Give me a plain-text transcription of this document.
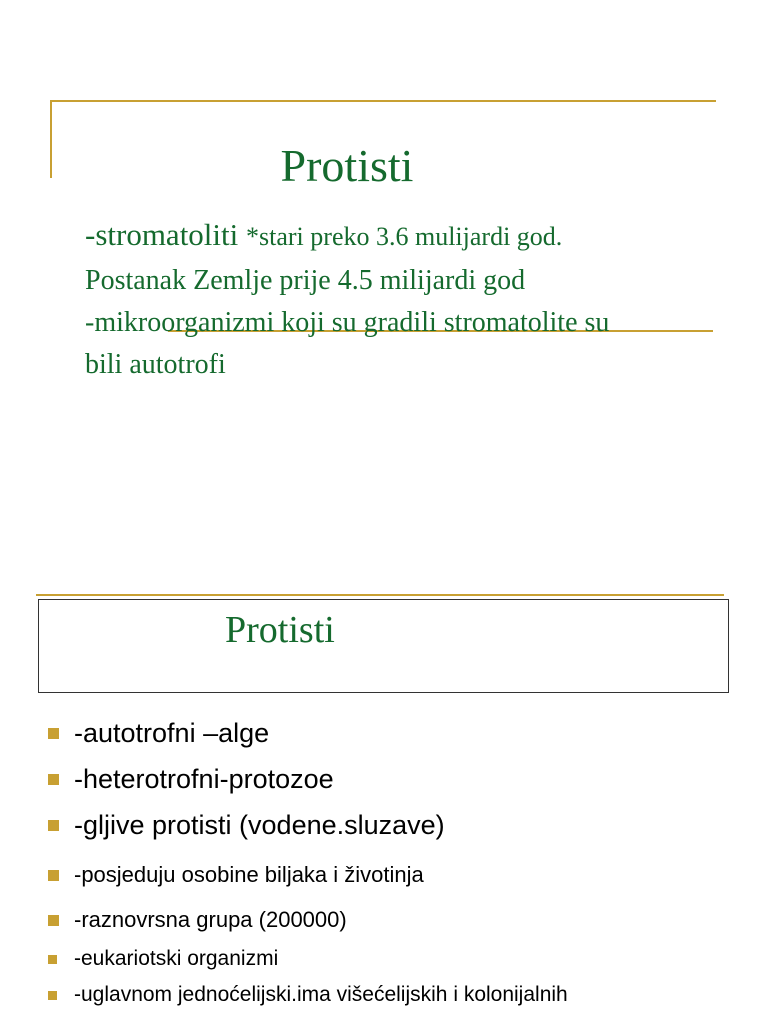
Protisti
-stromatoliti *stari preko 3.6 mulijardi god.
Postanak Zemlje prije 4.5 milijardi god
-mikroorganizmi koji su gradili stromatolite su
bili autotrofi
Protisti
-autotrofni –alge
-heterotrofni-protozoe
-gljive protisti (vodene.sluzave)
-posjeduju osobine biljaka i životinja
-raznovrsna grupa (200000)
-eukariotski organizmi
-uglavnom jednoćelijski.ima višećelijskih i kolonijalnih
